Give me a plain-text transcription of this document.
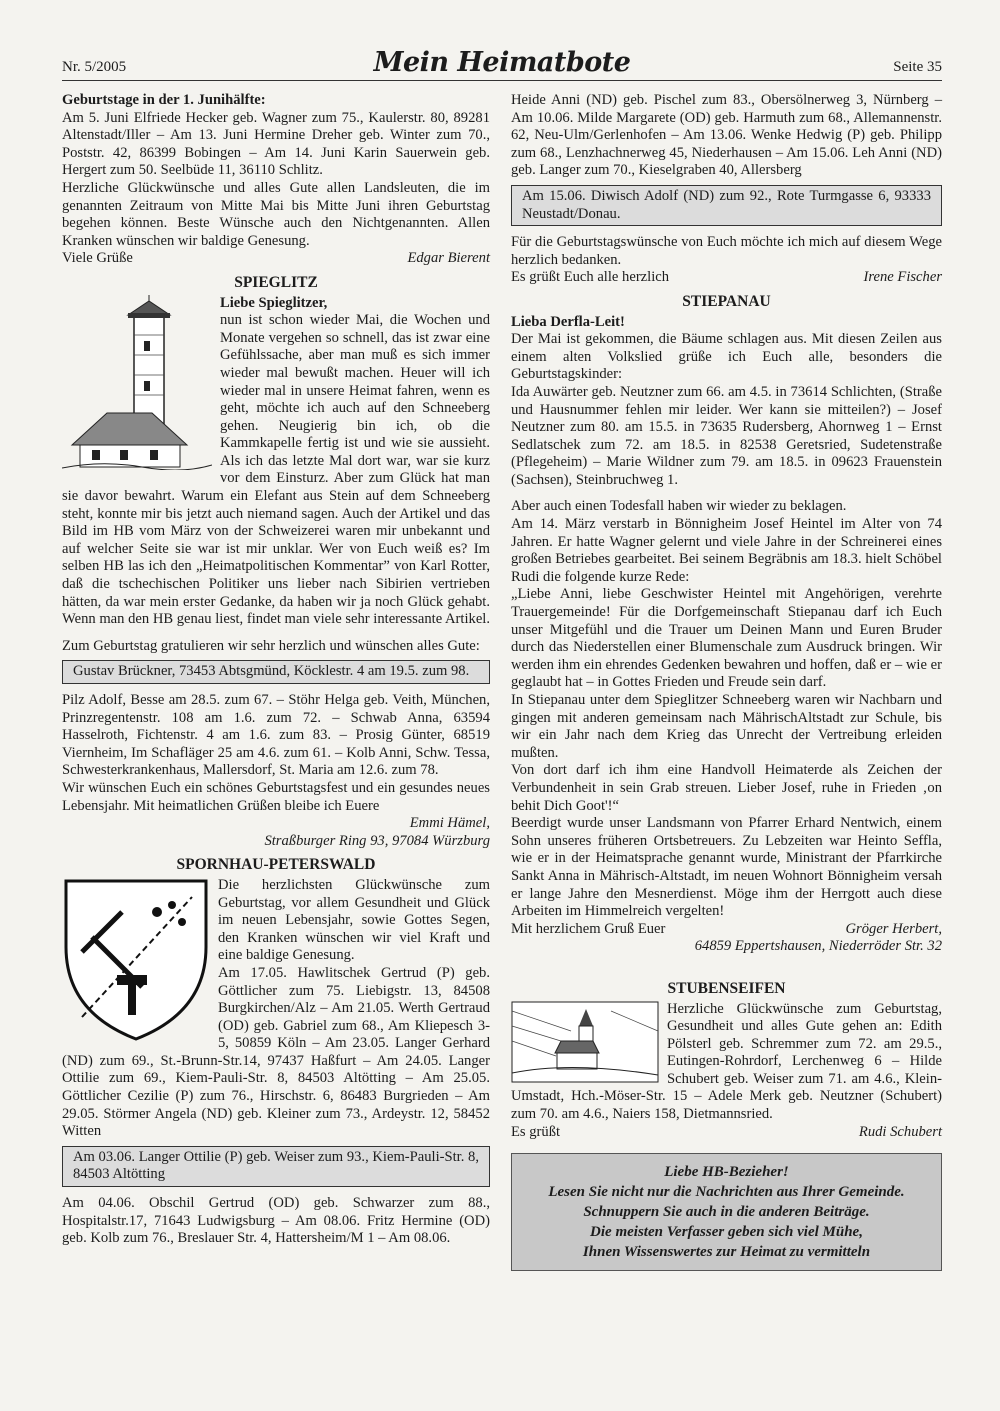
Nr. 5/2005	Mein Heimatbote	Seite 35

Geburtstage in der 1. Junihälfte:

Am 5. Juni Elfriede Hecker geb. Wagner zum 75., Kaulerstr. 80, 89281 Altenstadt/Iller – Am 13. Juni Hermine Dreher geb. Winter zum 70., Poststr. 42, 86399 Bobingen – Am 14. Juni Karin Sauerwein geb. Hergert zum 50. Seelbüde 11, 36110 Schlitz.

Herzliche Glückwünsche und alles Gute allen Landsleuten, die im genannten Zeitraum von Mitte Mai bis Mitte Juni ihren Geburtstag begehen können. Beste Wünsche auch den Nichtgenannten. Allen Kranken wünschen wir baldige Genesung.

Viele Grüße	Edgar Bierent
SPIEGLITZ

Liebe Spieglitzer,

nun ist schon wieder Mai, die Wochen und Monate vergehen so schnell, das ist zwar eine Gefühlssache, aber man muß es sich immer wieder mal bewußt machen. Heuer will ich wieder mal in unsere Heimat fahren, wenn es geht, möchte ich auch auf den Schneeberg gehen. Neugierig bin ich, ob die Kammkapelle fertig ist und wie sie aussieht. Als ich das letzte Mal dort war, war sie kurz vor dem Einsturz. Aber zum Glück hat man sie davor bewahrt. Warum ein Elefant aus Stein auf dem Schneeberg steht, konnte mir bis jetzt auch niemand sagen. Auch der Artikel und das Bild im HB vom März von der Schweizerei waren mir unbekannt und auf welcher Seite sie war ist mir unklar. Wer von Euch weiß es? Im selben HB las ich den „Heimatpolitischen Kommentar” von Karl Rotter, daß die tschechischen Politiker uns lieber nach Sibirien vertrieben hätten, da war mein erster Gedanke, da haben wir ja noch Glück gehabt. Wenn man den HB genau liest, findet man viele sehr interessante Artikel.

Zum Geburtstag gratulieren wir sehr herzlich und wünschen alles Gute:

Gustav Brückner, 73453 Abtsgmünd, Köcklestr. 4 am 19.5. zum 98.

Pilz Adolf, Besse am 28.5. zum 67. – Stöhr Helga geb. Veith, München, Prinzregentenstr. 108 am 1.6. zum 72. – Schwab Anna, 63594 Hasselroth, Fichtenstr. 4 am 1.6. zum 83. – Prosig Günter, 68519 Viernheim, Im Schafläger 25 am 4.6. zum 61. – Kolb Anni, Schw. Tessa, Schwesterkrankenhaus, Mallersdorf, St. Maria am 12.6. zum 78.

Wir wünschen Euch ein schönes Geburtstagsfest und ein gesundes neues Lebensjahr. Mit heimatlichen Grüßen bleibe ich Euere

Emmi Hämel,

Straßburger Ring 93, 97084 Würzburg

SPORNHAU-PETERSWALD

Die herzlichsten Glückwünsche zum Geburtstag, vor allem Gesundheit und Glück im neuen Lebensjahr, sowie Gottes Segen, den Kranken wünschen wir viel Kraft und eine baldige Genesung.

Am 17.05. Hawlitschek Gertrud (P) geb. Göttlicher zum 75. Liebigstr. 13, 84508 Burgkirchen/Alz – Am 21.05. Werth Gertraud (OD) geb. Gabriel zum 68., Am Kliepesch 3-5, 50859 Köln – Am 23.05. Langer Gerhard (ND) zum 69., St.-Brunn-Str.14, 97437 Haßfurt – Am 24.05. Langer Ottilie zum 69., Kiem-Pauli-Str. 8, 84503 Altötting – Am 25.05. Göttlicher Cezilie (P) zum 76., Hirschstr. 6, 86483 Burgrieden – Am 29.05. Störmer Angela (ND) geb. Kleiner zum 73., Ardeystr. 12, 58452 Witten

Am 03.06. Langer Ottilie (P) geb. Weiser zum 93., Kiem-Pauli-Str. 8, 84503 Altötting

Am 04.06. Obschil Gertrud (OD) geb. Schwarzer zum 88., Hospitalstr.17, 71643 Ludwigsburg – Am 08.06. Fritz Hermine (OD) geb. Kolb zum 76., Breslauer Str. 4, Hattersheim/M 1 – Am 08.06.

Heide Anni (ND) geb. Pischel zum 83., Obersölnerweg 3, Nürnberg – Am 10.06. Milde Margarete (OD) geb. Harmuth zum 68., Allemannenstr. 62, Neu-Ulm/Gerlenhofen – Am 13.06. Wenke Hedwig (P) geb. Philipp zum 68., Lenzhachnerweg 45, Niederhausen – Am 15.06. Leh Anni (ND) geb. Langer zum 70., Kieselgraben 40, Allersberg

Am 15.06. Diwisch Adolf (ND) zum 92., Rote Turmgasse 6, 93333 Neustadt/Donau.

Für die Geburtstagswünsche von Euch möchte ich mich auf diesem Wege herzlich bedanken.

Es grüßt Euch alle herzlich	Irene Fischer
STIEPANAU

Lieba Derfla-Leit!

Der Mai ist gekommen, die Bäume schlagen aus. Mit diesen Zeilen aus einem alten Volkslied grüße ich Euch alle, besonders die Geburtstagskinder:

Ida Auwärter geb. Neutzner zum 66. am 4.5. in 73614 Schlichten, (Straße und Hausnummer fehlen mir leider. Wer kann sie mitteilen?) – Josef Neutzner zum 80. am 15.5. in 73635 Rudersberg, Ahornweg 1 – Ernst Sedlatschek zum 72. am 18.5. in 82538 Geretsried, Sudetenstraße (Pflegeheim) – Marie Wildner zum 79. am 18.5. in 09623 Frauenstein (Sachsen), Steinbruchweg 1.

Aber auch einen Todesfall haben wir wieder zu beklagen.

Am 14. März verstarb in Bönnigheim Josef Heintel im Alter von 74 Jahren. Er hatte Wagner gelernt und viele Jahre in der Schreinerei eines großen Betriebes gearbeitet. Bei seinem Begräbnis am 18.3. hielt Schöbel Rudi die folgende kurze Rede:

„Liebe Anni, liebe Geschwister Heintel mit Angehörigen, verehrte Trauergemeinde! Für die Dorfgemeinschaft Stiepanau darf ich Euch unser Mitgefühl und die Trauer um Deinen Mann und Euren Bruder durch das Niederstellen einer Blumenschale zum Ausdruck bringen. Wir werden ihm ein ehrendes Gedenken bewahren und hoffen, daß er – wie er geglaubt hat – in Gottes Frieden und Freude sein darf.

In Stiepanau unter dem Spieglitzer Schneeberg waren wir Nachbarn und gingen mit anderen gemeinsam nach MährischAltstadt zur Schule, bis wir ein Jahr nach dem Krieg das Unrecht der Vertreibung erleiden mußten.

Von dort darf ich ihm eine Handvoll Heimaterde als Zeichen der Verbundenheit in sein Grab streuen. Lieber Josef, ruhe in Frieden ‚on behit Dich Goot'!“

Beerdigt wurde unser Landsmann von Pfarrer Erhard Nentwich, einem Sohn unseres früheren Ortsbetreuers. Zu Lebzeiten war Heinto Seffla, wie er in der Heimatsprache genannt wurde, Ministrant der Pfarrkirche Sankt Anna in Mährisch-Altstadt, im neuen Wohnort Bönnigheim versah er lange Jahre den Mesnerdienst. Möge ihm der Herrgott auch diese Arbeiten im Himmelreich vergelten!

Mit herzlichem Gruß Euer	Gröger Herbert,

64859 Eppertshausen, Niederröder Str. 32

STUBENSEIFEN

Herzliche Glückwünsche zum Geburtstag, Gesundheit und alles Gute gehen an: Edith Pölsterl geb. Schremmer zum 72. am 29.5., Eutingen-Rohrdorf, Lerchenweg 6 – Hilde Schubert geb. Weiser zum 71. am 4.6., Klein-Umstadt, Hch.-Möser-Str. 15 – Adele Merk geb. Neutzner (Schubert) zum 70. am 4.6., Naiers 158, Dietmannsried.

Es grüßt	Rudi Schubert
Liebe HB-Bezieher!
Lesen Sie nicht nur die Nachrichten aus Ihrer Gemeinde.
Schnuppern Sie auch in die anderen Beiträge.
Die meisten Verfasser geben sich viel Mühe,
Ihnen Wissenswertes zur Heimat zu vermitteln
